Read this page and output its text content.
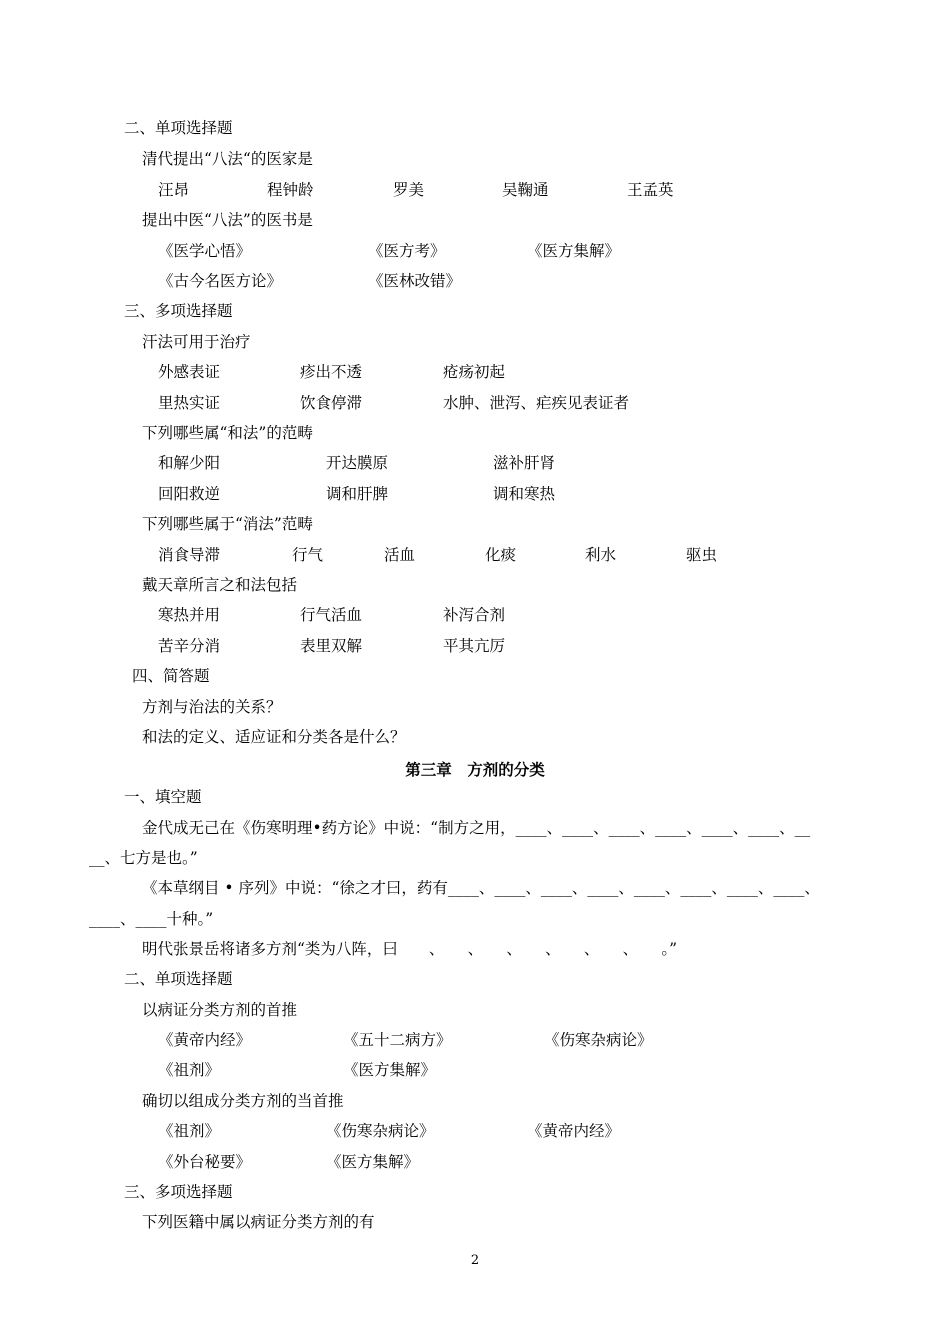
二、单项选择题
清代提出“八法“的医家是
汪昂	程钟龄	罗美	吴鞠通	王孟英
提出中医“八法”的医书是
《医学心悟》	《医方考》	《医方集解》
《古今名医方论》	《医林改错》
三、多项选择题
汗法可用于治疗
外感表证	疹出不透	疮疡初起
里热实证	饮食停滞	水肿、泄泻、疟疾见表证者
下列哪些属“和法”的范畴
和解少阳	开达膜原	滋补肝肾
回阳救逆	调和肝脾	调和寒热
下列哪些属于“消法”范畴
消食导滞	行气	活血	化痰	利水	驱虫
戴天章所言之和法包括
寒热并用	行气活血	补泻合剂
苦辛分消	表里双解	平其亢厉
四、简答题
方剂与治法的关系？
和法的定义、适应证和分类各是什么？
第三章　方剂的分类
一、填空题
金代成无己在《伤寒明理•药方论》中说：“制方之用，____、____、____、____、____、____、__
__、七方是也。”
《本草纲目 • 序列》中说：“徐之才曰，药有____、____、____、____、____、____、____、____、
____、____十种。”
明代张景岳将诸多方剂“类为八阵，曰　　、　　、　　、　　、　　、　　、　　。”
二、单项选择题
以病证分类方剂的首推
《黄帝内经》	《五十二病方》	《伤寒杂病论》
《祖剂》	《医方集解》
确切以组成分类方剂的当首推
《祖剂》	《伤寒杂病论》	《黄帝内经》
《外台秘要》	《医方集解》
三、多项选择题
下列医籍中属以病证分类方剂的有
2
